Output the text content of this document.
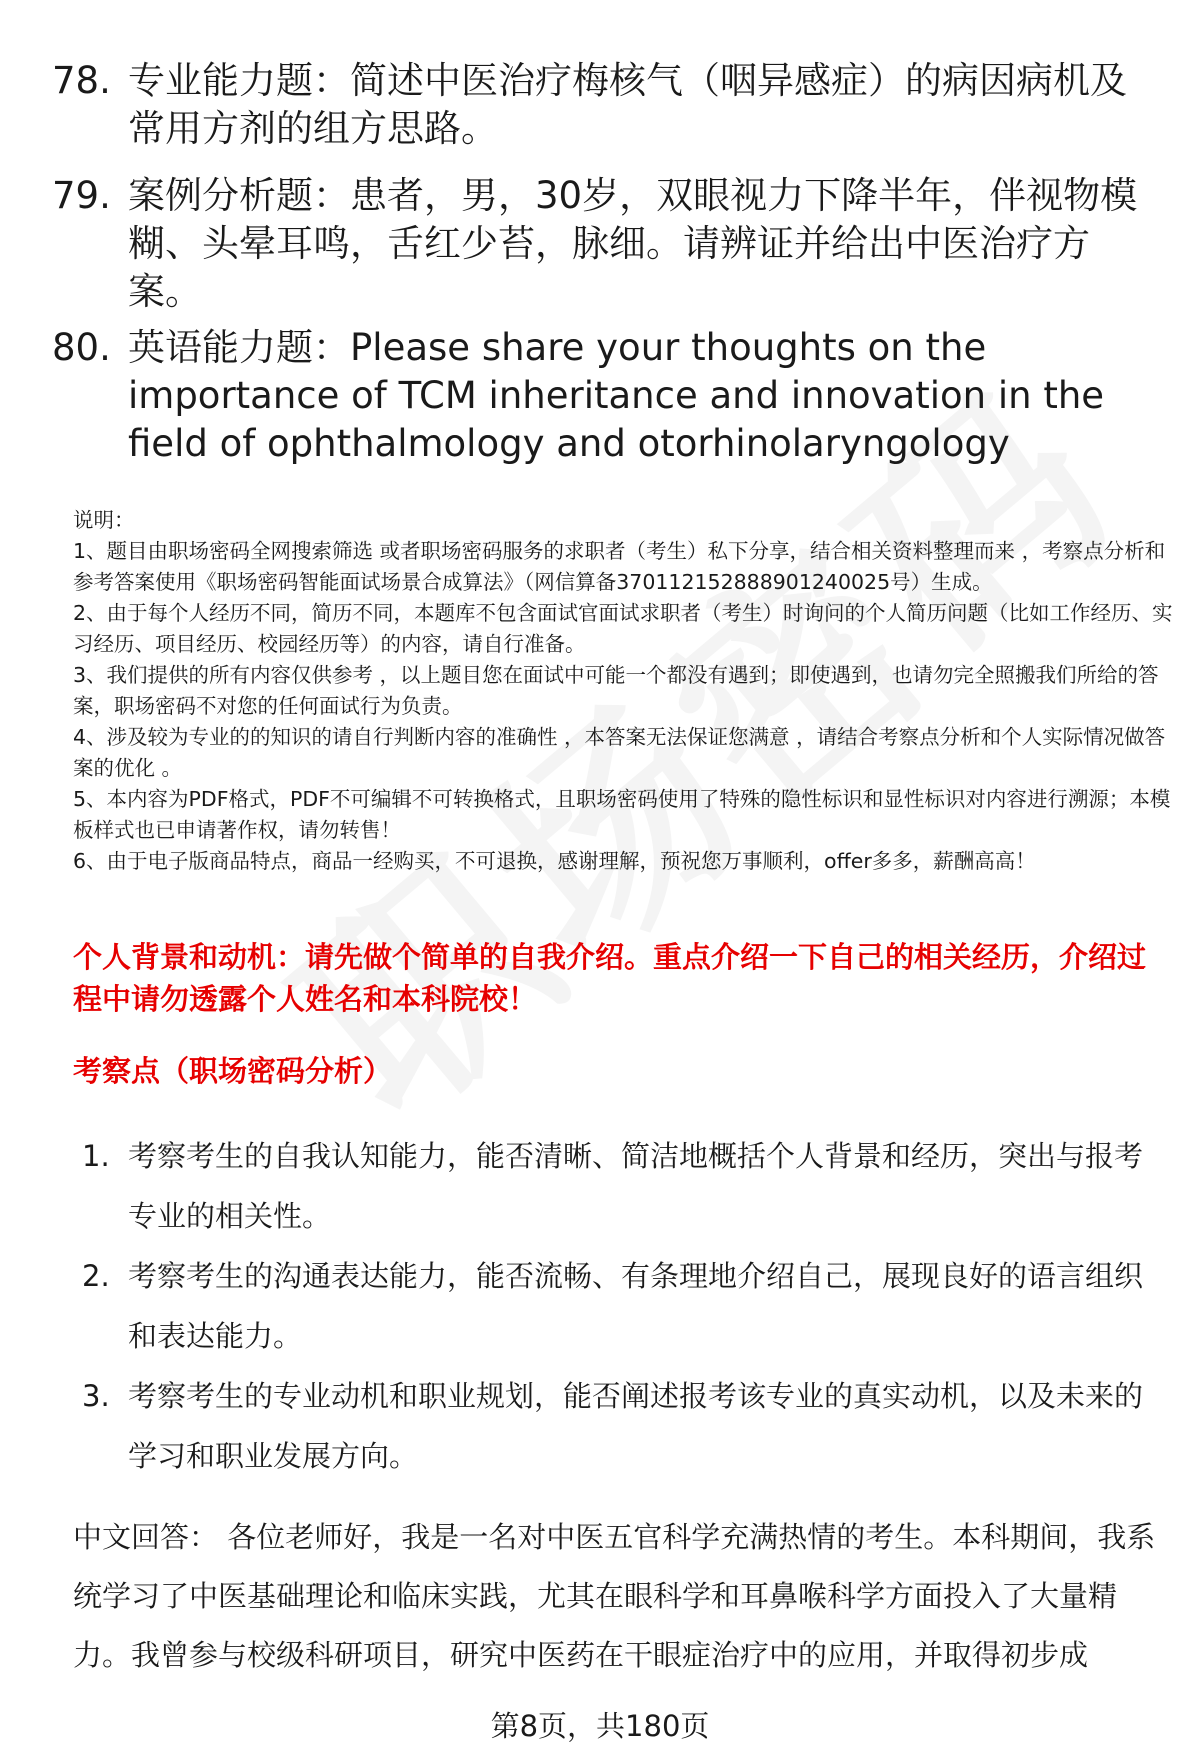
78. 专业能力题：简述中医治疗梅核气（咽异感症）的病因病机及常用方剂的组方思路。
79. 案例分析题：患者，男，30岁，双眼视力下降半年，伴视物模糊、头晕耳鸣，舌红少苔，脉细。请辨证并给出中医治疗方案。
80. 英语能力题：Please share your thoughts on the importance of TCM inheritance and innovation in the field of ophthalmology and otorhinolaryngology

说明：

1、题目由职场密码全网搜索筛选 或者职场密码服务的求职者（考生）私下分享，结合相关资料整理而来 ，考察点分析和参考答案使用《职场密码智能面试场景合成算法》（网信算备370112152888901240025号）生成。

2、由于每个人经历不同，简历不同，本题库不包含面试官面试求职者（考生）时询问的个人简历问题（比如工作经历、实习经历、项目经历、校园经历等）的内容，请自行准备。

3、我们提供的所有内容仅供参考 ，以上题目您在面试中可能一个都没有遇到；即使遇到，也请勿完全照搬我们所给的答案，职场密码不对您的任何面试行为负责。

4、涉及较为专业的的知识的请自行判断内容的准确性 ，本答案无法保证您满意 ，请结合考察点分析和个人实际情况做答案的优化 。

5、本内容为PDF格式，PDF不可编辑不可转换格式，且职场密码使用了特殊的隐性标识和显性标识对内容进行溯源；本模板样式也已申请著作权，请勿转售！

6、由于电子版商品特点，商品一经购买，不可退换，感谢理解，预祝您万事顺利，offer多多，薪酬高高！

个人背景和动机：请先做个简单的自我介绍。重点介绍一下自己的相关经历，介绍过程中请勿透露个人姓名和本科院校！
考察点（职场密码分析）
1. 考察考生的自我认知能力，能否清晰、简洁地概括个人背景和经历，突出与报考专业的相关性。
2. 考察考生的沟通表达能力，能否流畅、有条理地介绍自己，展现良好的语言组织和表达能力。
3. 考察考生的专业动机和职业规划，能否阐述报考该专业的真实动机，以及未来的学习和职业发展方向。
中文回答： 各位老师好，我是一名对中医五官科学充满热情的考生。本科期间，我系统学习了中医基础理论和临床实践，尤其在眼科学和耳鼻喉科学方面投入了大量精力。我曾参与校级科研项目，研究中医药在干眼症治疗中的应用，并取得初步成
第8页，共180页
